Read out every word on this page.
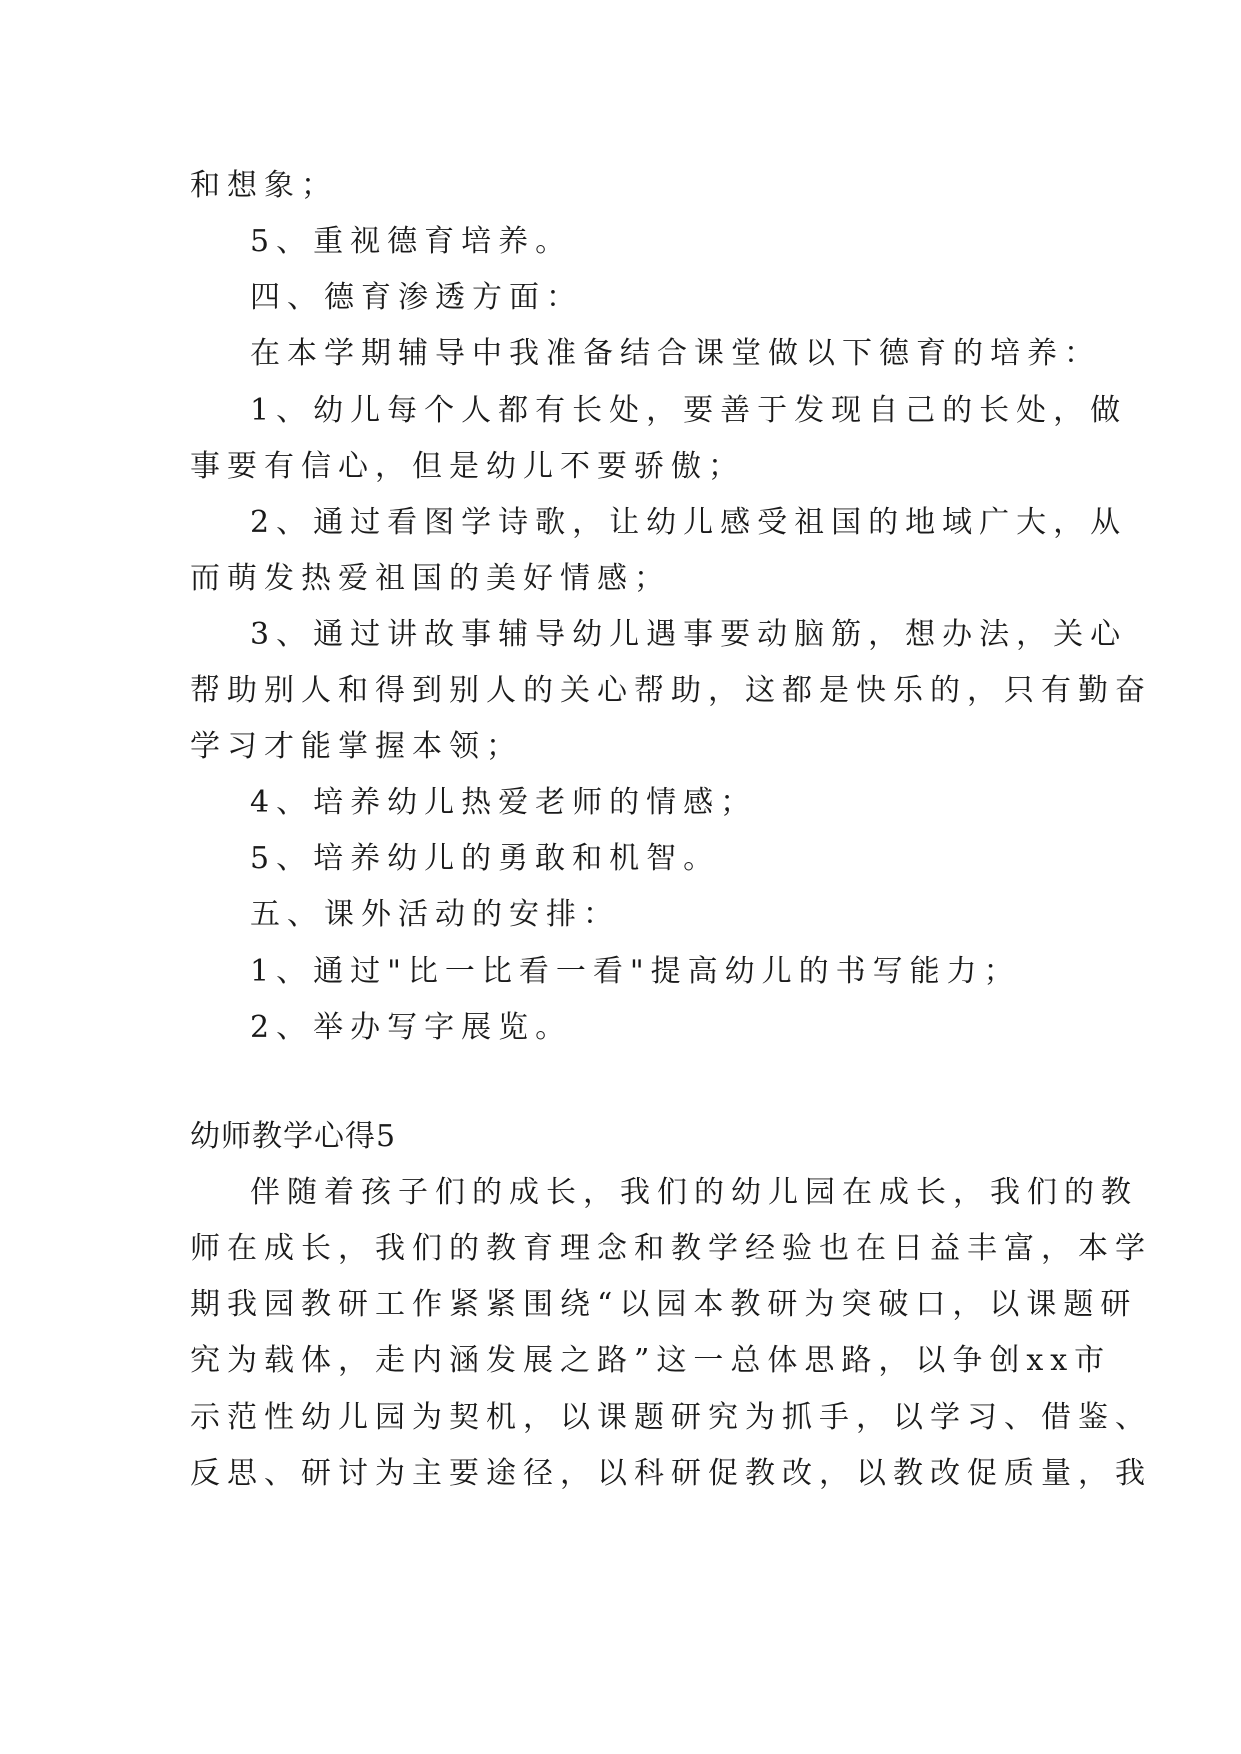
和想象；
5、重视德育培养。
四、德育渗透方面：
在本学期辅导中我准备结合课堂做以下德育的培养：
1、幼儿每个人都有长处，要善于发现自己的长处，做
事要有信心，但是幼儿不要骄傲；
2、通过看图学诗歌，让幼儿感受祖国的地域广大，从
而萌发热爱祖国的美好情感；
3、通过讲故事辅导幼儿遇事要动脑筋，想办法，关心
帮助别人和得到别人的关心帮助，这都是快乐的，只有勤奋
学习才能掌握本领；
4、培养幼儿热爱老师的情感；
5、培养幼儿的勇敢和机智。
五、课外活动的安排：
1、通过"比一比看一看"提高幼儿的书写能力；
2、举办写字展览。
幼师教学心得5
伴随着孩子们的成长，我们的幼儿园在成长，我们的教
师在成长，我们的教育理念和教学经验也在日益丰富，本学
期我园教研工作紧紧围绕“以园本教研为突破口，以课题研
究为载体，走内涵发展之路”这一总体思路，以争创xx市
示范性幼儿园为契机，以课题研究为抓手，以学习、借鉴、
反思、研讨为主要途径，以科研促教改，以教改促质量，我
